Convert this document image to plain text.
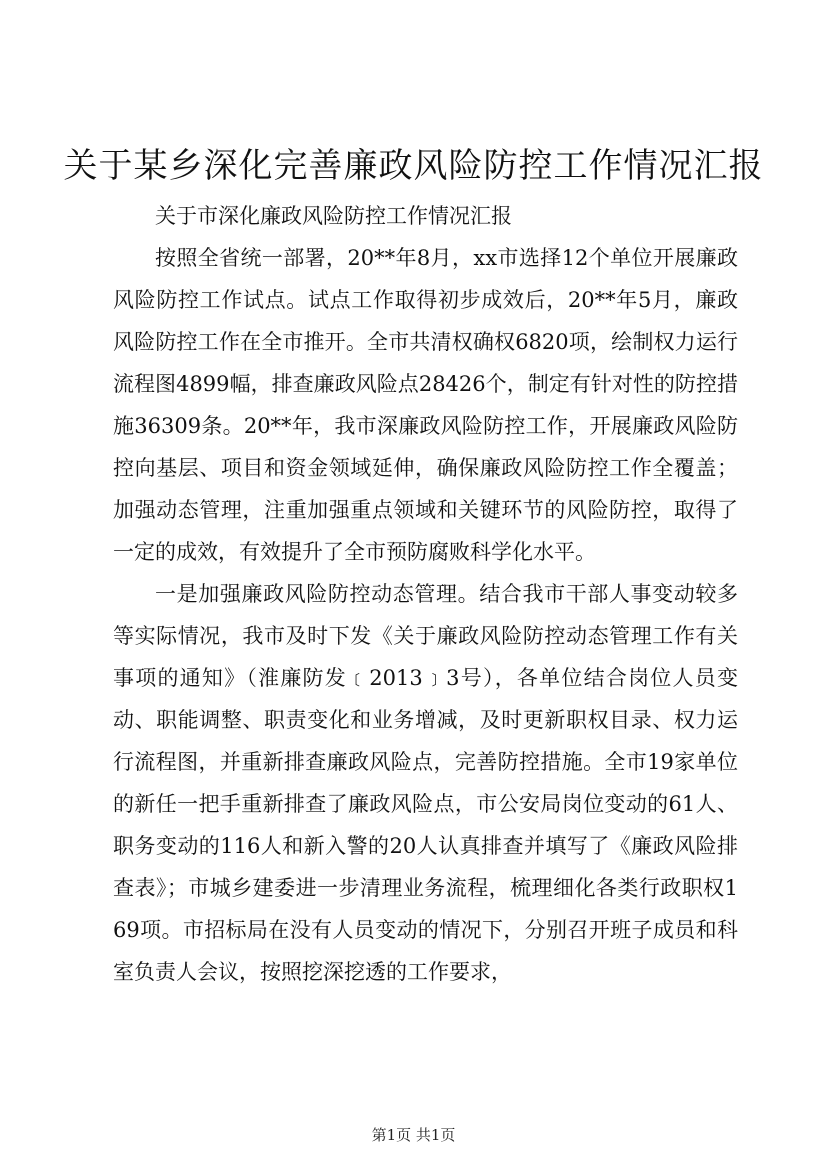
关于某乡深化完善廉政风险防控工作情况汇报

关于市深化廉政风险防控工作情况汇报

按照全省统一部署，20**年8月，xx市选择12个单位开展廉政风险防控工作试点。试点工作取得初步成效后，20**年5月，廉政风险防控工作在全市推开。全市共清权确权6820项，绘制权力运行流程图4899幅，排查廉政风险点28426个，制定有针对性的防控措施36309条。20**年，我市深廉政风险防控工作，开展廉政风险防控向基层、项目和资金领域延伸，确保廉政风险防控工作全覆盖；加强动态管理，注重加强重点领域和关键环节的风险防控，取得了一定的成效，有效提升了全市预防腐败科学化水平。

一是加强廉政风险防控动态管理。结合我市干部人事变动较多等实际情况，我市及时下发《关于廉政风险防控动态管理工作有关事项的通知》（淮廉防发﹝2013﹞3号），各单位结合岗位人员变动、职能调整、职责变化和业务增减，及时更新职权目录、权力运行流程图，并重新排查廉政风险点，完善防控措施。全市19家单位的新任一把手重新排查了廉政风险点，市公安局岗位变动的61人、职务变动的116人和新入警的20人认真排查并填写了《廉政风险排查表》；市城乡建委进一步清理业务流程，梳理细化各类行政职权169项。市招标局在没有人员变动的情况下，分别召开班子成员和科室负责人会议，按照挖深挖透的工作要求，

第1页 共1页
